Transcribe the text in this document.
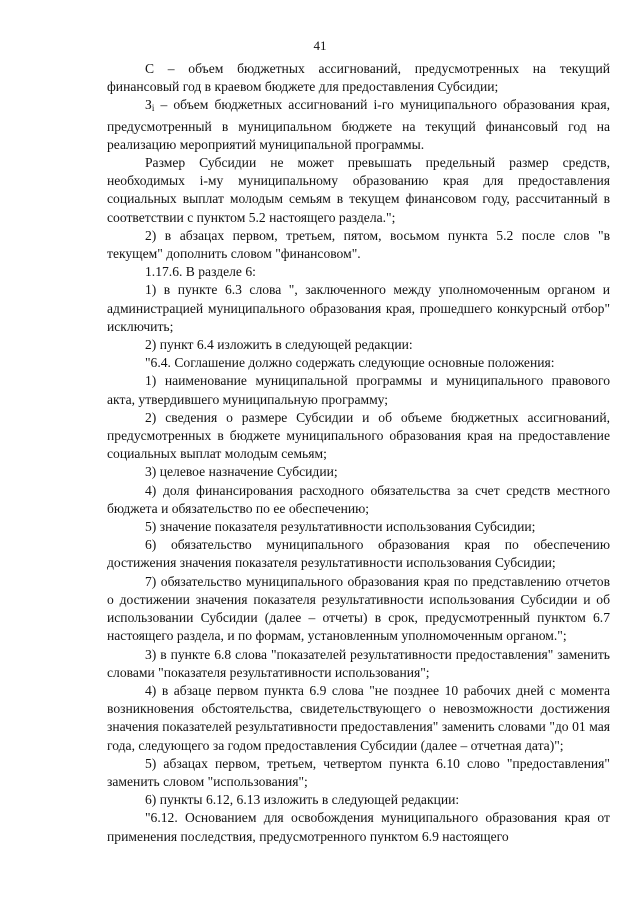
41

С – объем бюджетных ассигнований, предусмотренных на текущий финансовый год в краевом бюджете для предоставления Субсидии;

$З_i$ – объем бюджетных ассигнований i-го муниципального образования края, предусмотренный в муниципальном бюджете на текущий финансовый год на реализацию мероприятий муниципальной программы.

Размер Субсидии не может превышать предельный размер средств, необходимых i-му муниципальному образованию края для предоставления социальных выплат молодым семьям в текущем финансовом году, рассчитанный в соответствии с пунктом 5.2 настоящего раздела.";

2) в абзацах первом, третьем, пятом, восьмом пункта 5.2 после слов "в текущем" дополнить словом "финансовом".

1.17.6. В разделе 6:

1) в пункте 6.3 слова ", заключенного между уполномоченным органом и администрацией муниципального образования края, прошедшего конкурсный отбор" исключить;

2) пункт 6.4 изложить в следующей редакции:

"6.4. Соглашение должно содержать следующие основные положения:

1) наименование муниципальной программы и муниципального правового акта, утвердившего муниципальную программу;

2) сведения о размере Субсидии и об объеме бюджетных ассигнований, предусмотренных в бюджете муниципального образования края на предоставление социальных выплат молодым семьям;

3) целевое назначение Субсидии;

4) доля финансирования расходного обязательства за счет средств местного бюджета и обязательство по ее обеспечению;

5) значение показателя результативности использования Субсидии;

6) обязательство муниципального образования края по обеспечению достижения значения показателя результативности использования Субсидии;

7) обязательство муниципального образования края по представлению отчетов о достижении значения показателя результативности использования Субсидии и об использовании Субсидии (далее – отчеты) в срок, предусмотренный пунктом 6.7 настоящего раздела, и по формам, установленным уполномоченным органом.";

3) в пункте 6.8 слова "показателей результативности предоставления" заменить словами "показателя результативности использования";

4) в абзаце первом пункта 6.9 слова "не позднее 10 рабочих дней с момента возникновения обстоятельства, свидетельствующего о невозможности достижения значения показателей результативности предоставления" заменить словами "до 01 мая года, следующего за годом предоставления Субсидии (далее – отчетная дата)";

5) абзацах первом, третьем, четвертом пункта 6.10 слово "предоставления" заменить словом "использования";

6) пункты 6.12, 6.13 изложить в следующей редакции:

"6.12. Основанием для освобождения муниципального образования края от применения последствия, предусмотренного пунктом 6.9 настоящего
